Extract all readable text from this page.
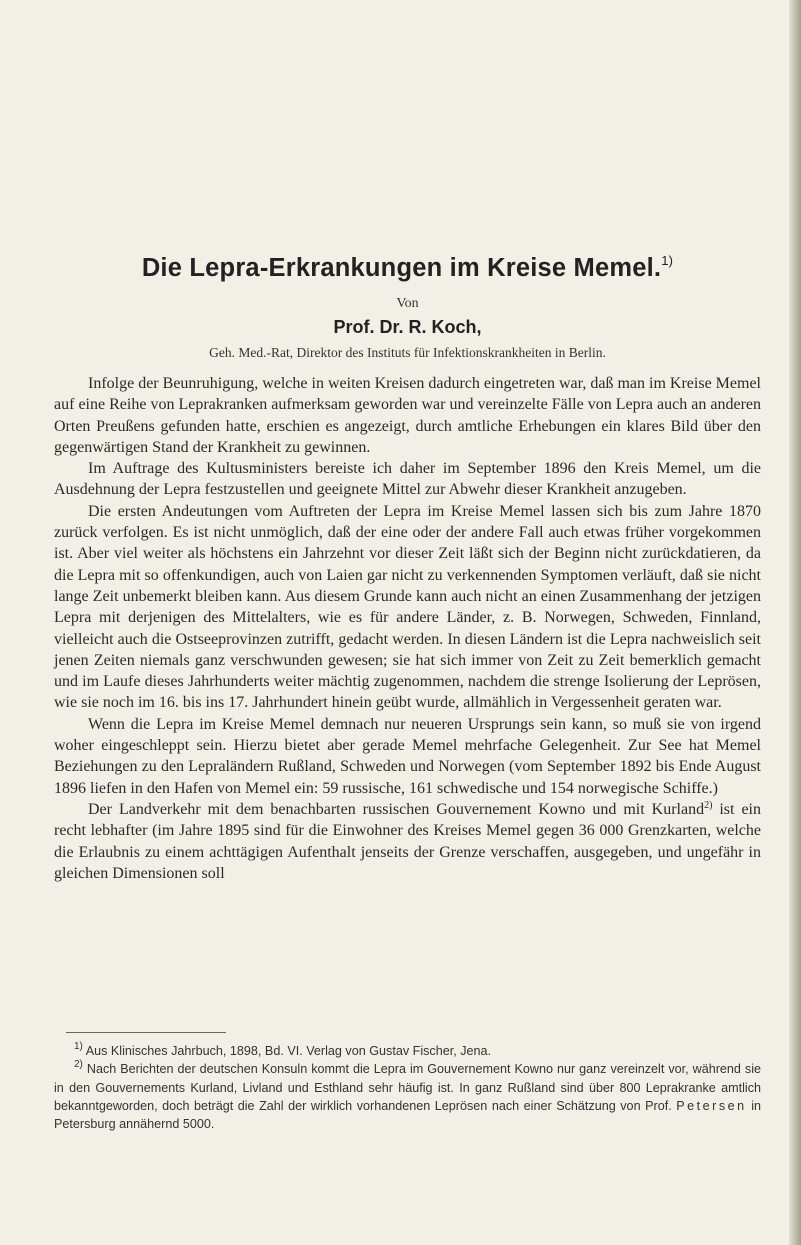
Die Lepra-Erkrankungen im Kreise Memel.$^{1)}$
Von
Prof. Dr. R. Koch,
Geh. Med.-Rat, Direktor des Instituts für Infektionskrankheiten in Berlin.

Infolge der Beunruhigung, welche in weiten Kreisen dadurch eingetreten war, daß man im Kreise Memel auf eine Reihe von Leprakranken aufmerksam geworden war und vereinzelte Fälle von Lepra auch an anderen Orten Preußens gefunden hatte, erschien es angezeigt, durch amtliche Erhebungen ein klares Bild über den gegenwärtigen Stand der Krankheit zu gewinnen.

Im Auftrage des Kultusministers bereiste ich daher im September 1896 den Kreis Memel, um die Ausdehnung der Lepra festzustellen und geeignete Mittel zur Abwehr dieser Krankheit anzugeben.

Die ersten Andeutungen vom Auftreten der Lepra im Kreise Memel lassen sich bis zum Jahre 1870 zurück verfolgen. Es ist nicht unmöglich, daß der eine oder der andere Fall auch etwas früher vorgekommen ist. Aber viel weiter als höchstens ein Jahrzehnt vor dieser Zeit läßt sich der Beginn nicht zurückdatieren, da die Lepra mit so offenkundigen, auch von Laien gar nicht zu verkennenden Symptomen verläuft, daß sie nicht lange Zeit unbemerkt bleiben kann. Aus diesem Grunde kann auch nicht an einen Zusammenhang der jetzigen Lepra mit derjenigen des Mittelalters, wie es für andere Länder, z. B. Norwegen, Schweden, Finnland, vielleicht auch die Ostseeprovinzen zutrifft, gedacht werden. In diesen Ländern ist die Lepra nachweislich seit jenen Zeiten niemals ganz verschwunden gewesen; sie hat sich immer von Zeit zu Zeit bemerklich gemacht und im Laufe dieses Jahrhunderts weiter mächtig zugenommen, nachdem die strenge Isolierung der Leprösen, wie sie noch im 16. bis ins 17. Jahrhundert hinein geübt wurde, allmählich in Vergessenheit geraten war.

Wenn die Lepra im Kreise Memel demnach nur neueren Ursprungs sein kann, so muß sie von irgend woher eingeschleppt sein. Hierzu bietet aber gerade Memel mehrfache Gelegenheit. Zur See hat Memel Beziehungen zu den Lepraländern Rußland, Schweden und Norwegen (vom September 1892 bis Ende August 1896 liefen in den Hafen von Memel ein: 59 russische, 161 schwedische und 154 norwegische Schiffe.)

Der Landverkehr mit dem benachbarten russischen Gouvernement Kowno und mit Kurland$^{2)}$ ist ein recht lebhafter (im Jahre 1895 sind für die Einwohner des Kreises Memel gegen 36 000 Grenzkarten, welche die Erlaubnis zu einem achttägigen Aufenthalt jenseits der Grenze verschaffen, ausgegeben, und ungefähr in gleichen Dimensionen soll

$^{1)}$ Aus Klinisches Jahrbuch, 1898, Bd. VI. Verlag von Gustav Fischer, Jena.

$^{2)}$ Nach Berichten der deutschen Konsuln kommt die Lepra im Gouvernement Kowno nur ganz vereinzelt vor, während sie in den Gouvernements Kurland, Livland und Esthland sehr häufig ist. In ganz Rußland sind über 800 Leprakranke amtlich bekanntgeworden, doch beträgt die Zahl der wirklich vorhandenen Leprösen nach einer Schätzung von Prof. Petersen in Petersburg annähernd 5000.
